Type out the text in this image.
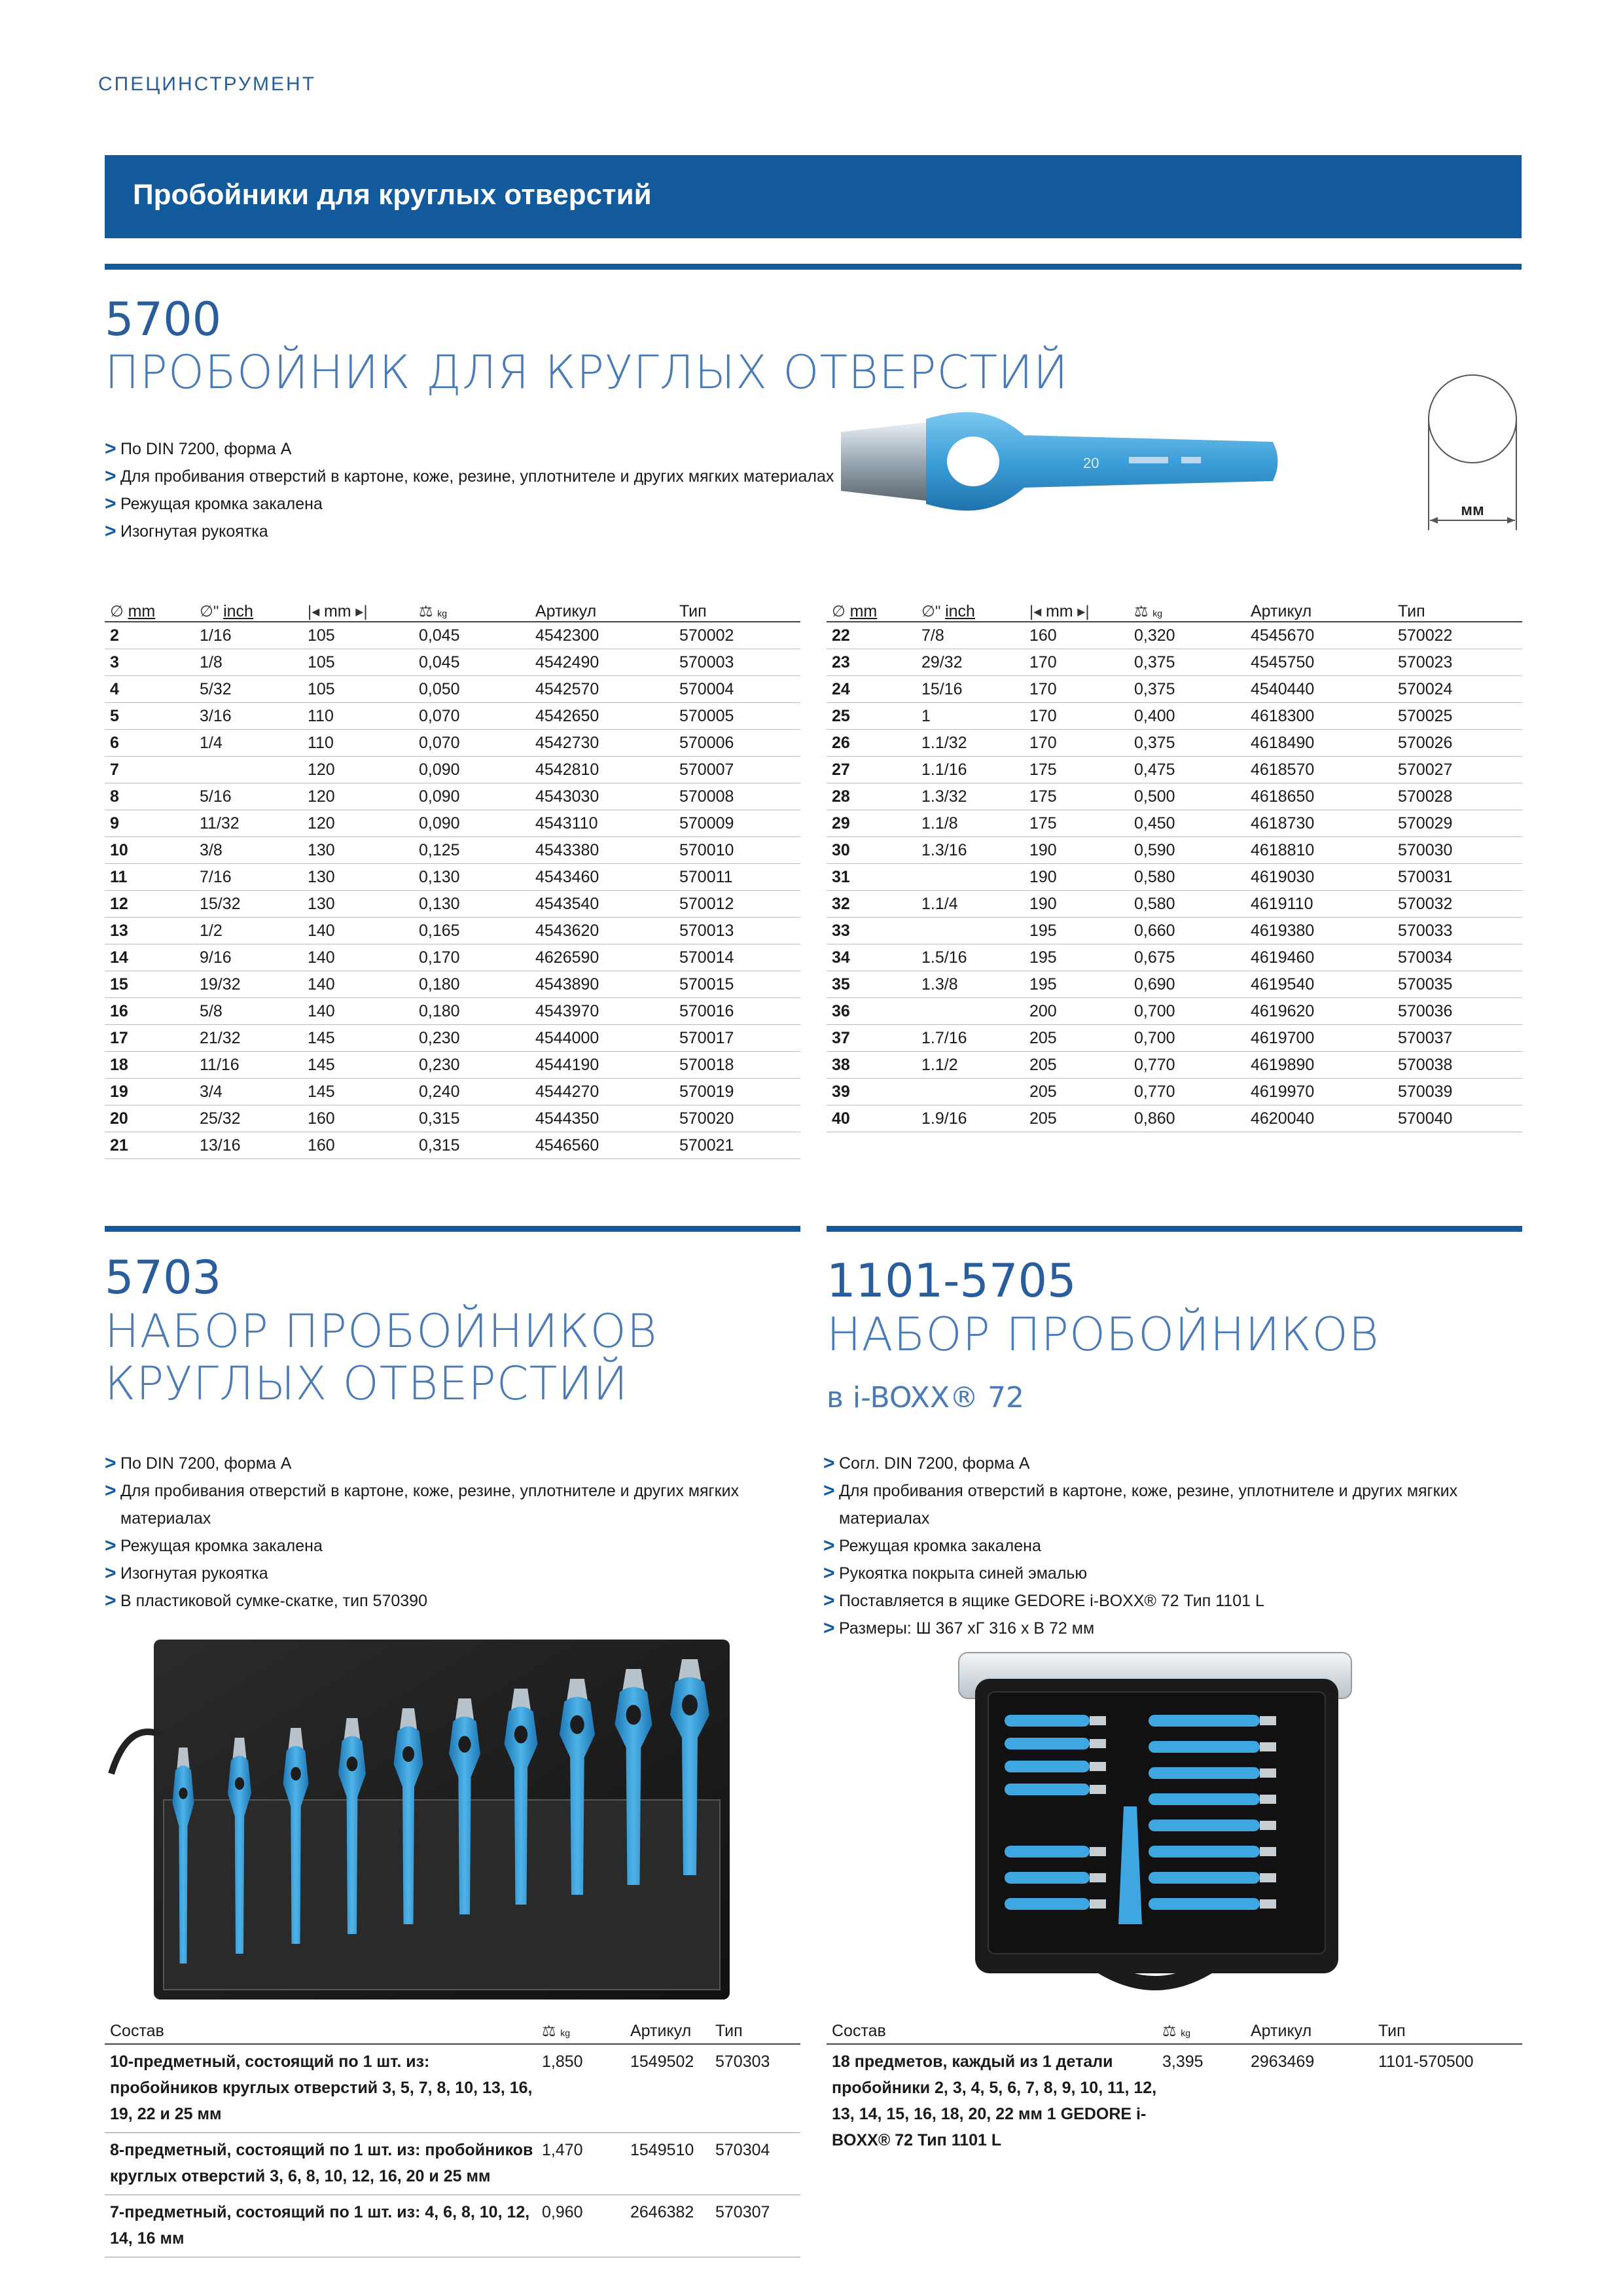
СПЕЦИНСТРУМЕНТ
Пробойники для круглых отверстий
5700
ПРОБОЙНИК ДЛЯ КРУГЛЫХ ОТВЕРСТИЙ
> По DIN 7200, форма А
> Для пробивания отверстий в картоне, коже, резине, уплотнителе и других мягких материалах
> Режущая кромка закалена
> Изогнутая рукоятка
20
мм
∅ mm	∅" inch	|◂ mm ▸|	⚖ kg	Артикул	Тип
2	1/16	105	0,045	4542300	570002
3	1/8	105	0,045	4542490	570003
4	5/32	105	0,050	4542570	570004
5	3/16	110	0,070	4542650	570005
6	1/4	110	0,070	4542730	570006
7		120	0,090	4542810	570007
8	5/16	120	0,090	4543030	570008
9	11/32	120	0,090	4543110	570009
10	3/8	130	0,125	4543380	570010
11	7/16	130	0,130	4543460	570011
12	15/32	130	0,130	4543540	570012
13	1/2	140	0,165	4543620	570013
14	9/16	140	0,170	4626590	570014
15	19/32	140	0,180	4543890	570015
16	5/8	140	0,180	4543970	570016
17	21/32	145	0,230	4544000	570017
18	11/16	145	0,230	4544190	570018
19	3/4	145	0,240	4544270	570019
20	25/32	160	0,315	4544350	570020
21	13/16	160	0,315	4546560	570021
∅ mm	∅" inch	|◂ mm ▸|	⚖ kg	Артикул	Тип
22	7/8	160	0,320	4545670	570022
23	29/32	170	0,375	4545750	570023
24	15/16	170	0,375	4540440	570024
25	1	170	0,400	4618300	570025
26	1.1/32	170	0,375	4618490	570026
27	1.1/16	175	0,475	4618570	570027
28	1.3/32	175	0,500	4618650	570028
29	1.1/8	175	0,450	4618730	570029
30	1.3/16	190	0,590	4618810	570030
31		190	0,580	4619030	570031
32	1.1/4	190	0,580	4619110	570032
33		195	0,660	4619380	570033
34	1.5/16	195	0,675	4619460	570034
35	1.3/8	195	0,690	4619540	570035
36		200	0,700	4619620	570036
37	1.7/16	205	0,700	4619700	570037
38	1.1/2	205	0,770	4619890	570038
39		205	0,770	4619970	570039
40	1.9/16	205	0,860	4620040	570040
5703
НАБОР ПРОБОЙНИКОВ
КРУГЛЫХ ОТВЕРСТИЙ
> По DIN 7200, форма А
> Для пробивания отверстий в картоне, коже, резине, уплотнителе и других мягких
материалах
> Режущая кромка закалена
> Изогнутая рукоятка
> В пластиковой сумке-скатке, тип 570390
Состав	⚖ kg	Артикул	Тип
10-предметный, состоящий по 1 шт. из: пробойников круглых отверстий 3, 5, 7, 8, 10, 13, 16, 19, 22 и 25 мм	1,850	1549502	570303
8-предметный, состоящий по 1 шт. из: пробойников круглых отверстий 3, 6, 8, 10, 12, 16, 20 и 25 мм	1,470	1549510	570304
7-предметный, состоящий по 1 шт. из: 4, 6, 8, 10, 12, 14, 16 мм	0,960	2646382	570307
1101-5705
НАБОР ПРОБОЙНИКОВ
в i-BOXX® 72
> Согл. DIN 7200, форма А
> Для пробивания отверстий в картоне, коже, резине, уплотнителе и других мягких материалах
> Режущая кромка закалена
> Рукоятка покрыта синей эмалью
> Поставляется в ящике GEDORE i-BOXX® 72 Тип 1101 L
> Размеры: Ш 367 хГ 316 х В 72 мм
Состав	⚖ kg	Артикул	Тип
18 предметов, каждый из 1 детали пробойники 2, 3, 4, 5, 6, 7, 8, 9, 10, 11, 12, 13, 14, 15, 16, 18, 20, 22 мм 1 GEDORE i-BOXX® 72 Тип 1101 L	3,395	2963469	1101-570500
